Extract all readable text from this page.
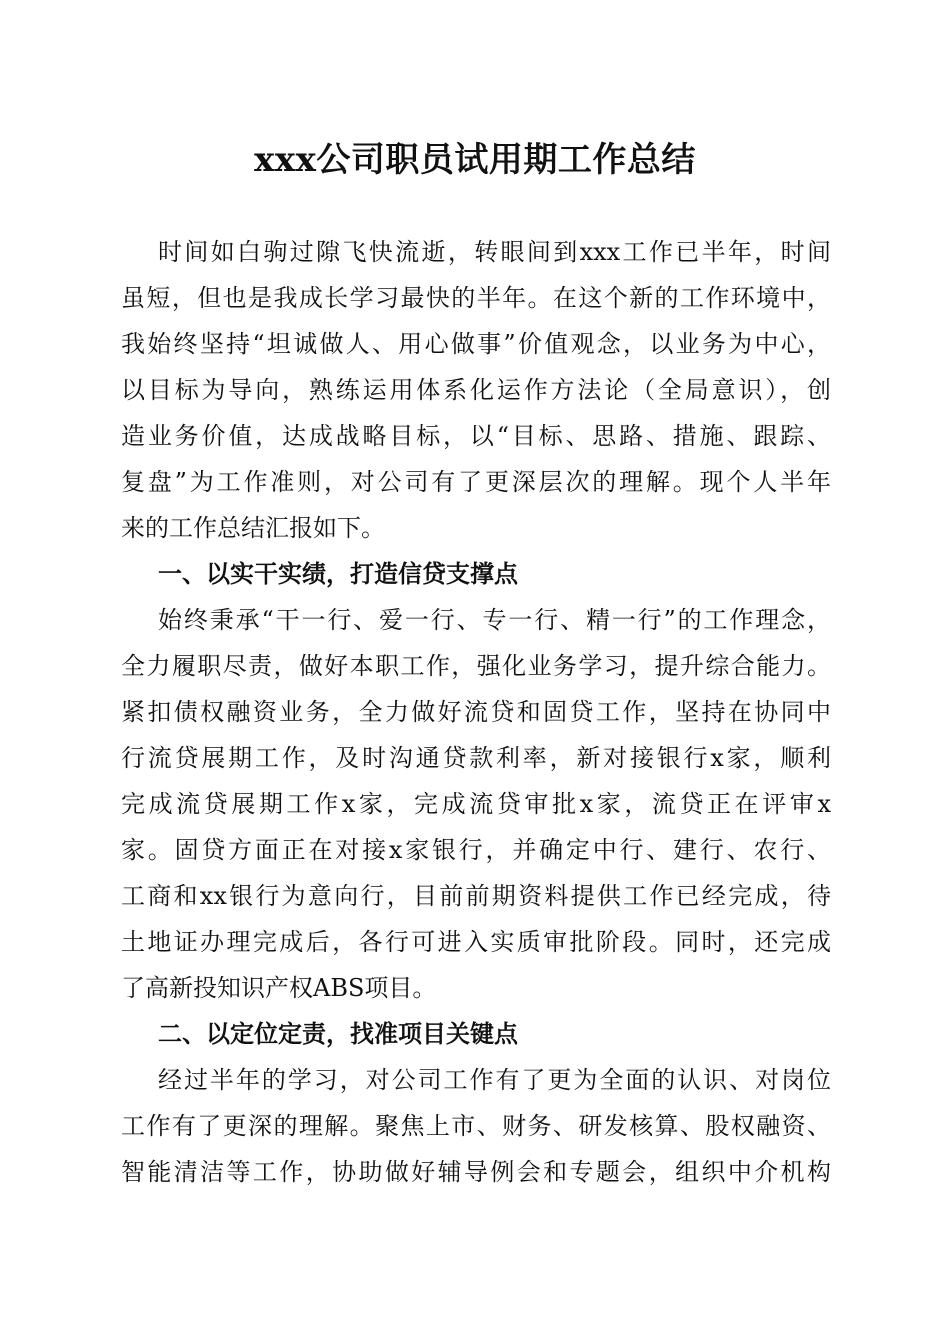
xxx公司职员试用期工作总结
时间如白驹过隙飞快流逝，转眼间到xxx工作已半年，时间
虽短，但也是我成长学习最快的半年。在这个新的工作环境中，
我始终坚持“坦诚做人、用心做事”价值观念，以业务为中心，
以目标为导向，熟练运用体系化运作方法论（全局意识），创
造业务价值，达成战略目标，以“目标、思路、措施、跟踪、
复盘”为工作准则，对公司有了更深层次的理解。现个人半年
来的工作总结汇报如下。
一、以实干实绩，打造信贷支撑点
始终秉承“干一行、爱一行、专一行、精一行”的工作理念，
全力履职尽责，做好本职工作，强化业务学习，提升综合能力。
紧扣债权融资业务，全力做好流贷和固贷工作，坚持在协同中
行流贷展期工作，及时沟通贷款利率，新对接银行x家，顺利
完成流贷展期工作x家，完成流贷审批x家，流贷正在评审x
家。固贷方面正在对接x家银行，并确定中行、建行、农行、
工商和xx银行为意向行，目前前期资料提供工作已经完成，待
土地证办理完成后，各行可进入实质审批阶段。同时，还完成
了高新投知识产权ABS项目。
二、以定位定责，找准项目关键点
经过半年的学习，对公司工作有了更为全面的认识、对岗位
工作有了更深的理解。聚焦上市、财务、研发核算、股权融资、
智能清洁等工作，协助做好辅导例会和专题会，组织中介机构
